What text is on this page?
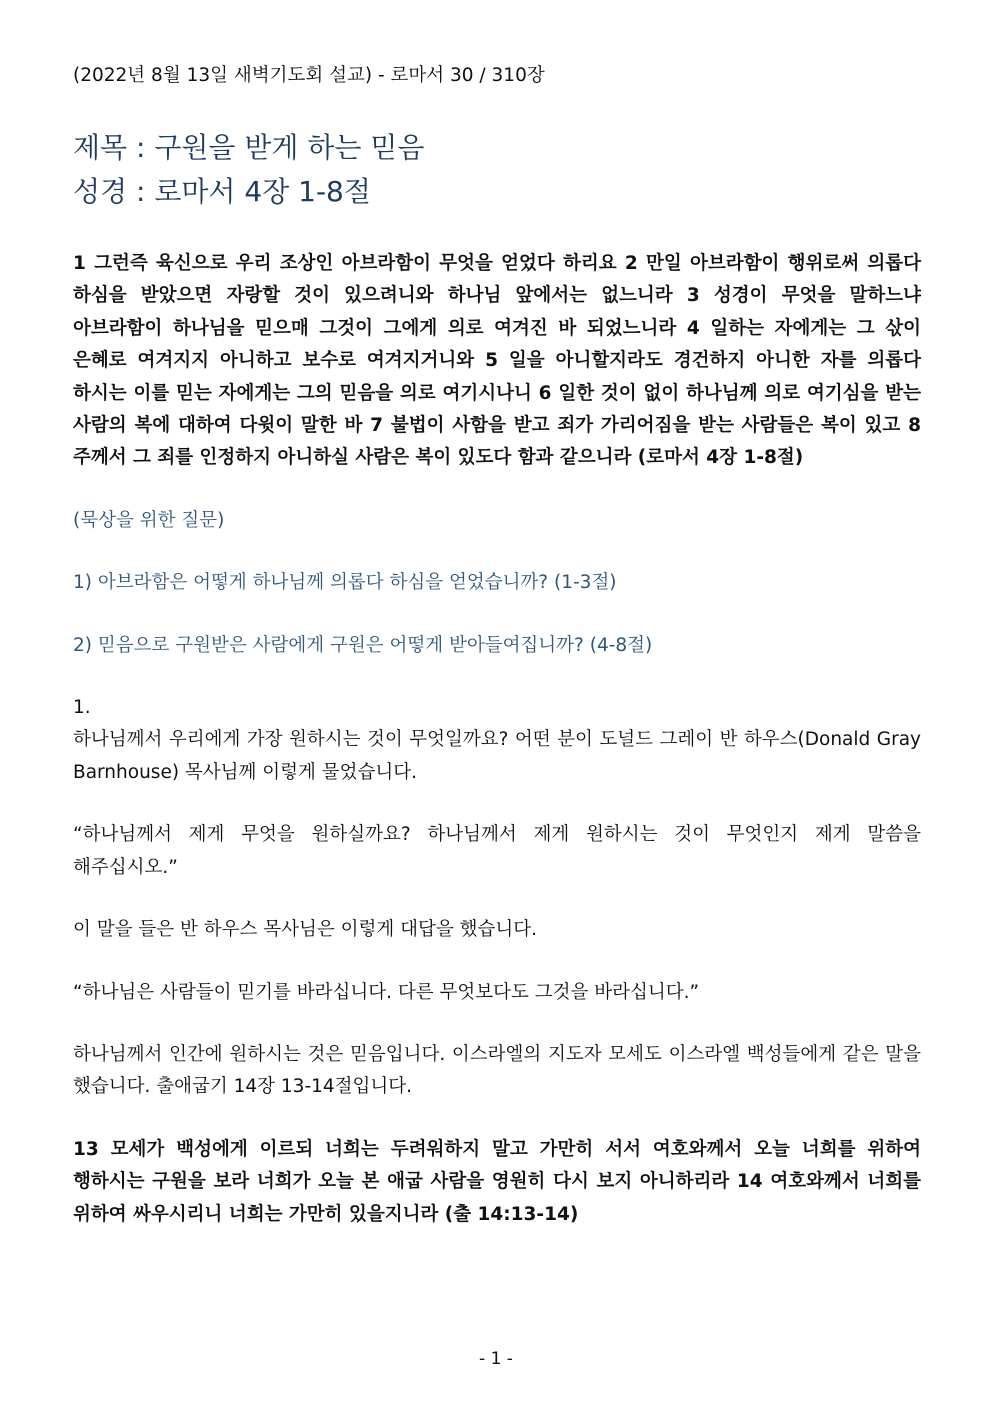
(2022년 8월 13일 새벽기도회 설교) - 로마서 30 / 310장

제목 : 구원을 받게 하는 믿음

성경 : 로마서 4장 1-8절

1 그런즉 육신으로 우리 조상인 아브라함이 무엇을 얻었다 하리요 2 만일 아브라함이 행위로써 의롭다 하심을 받았으면 자랑할 것이 있으려니와 하나님 앞에서는 없느니라 3 성경이 무엇을 말하느냐 아브라함이 하나님을 믿으매 그것이 그에게 의로 여겨진 바 되었느니라 4 일하는 자에게는 그 삯이 은혜로 여겨지지 아니하고 보수로 여겨지거니와 5 일을 아니할지라도 경건하지 아니한 자를 의롭다 하시는 이를 믿는 자에게는 그의 믿음을 의로 여기시나니 6 일한 것이 없이 하나님께 의로 여기심을 받는 사람의 복에 대하여 다윗이 말한 바 7 불법이 사함을 받고 죄가 가리어짐을 받는 사람들은 복이 있고 8 주께서 그 죄를 인정하지 아니하실 사람은 복이 있도다 함과 같으니라 (로마서 4장 1-8절)

(묵상을 위한 질문)

1) 아브라함은 어떻게 하나님께 의롭다 하심을 얻었습니까? (1-3절)

2) 믿음으로 구원받은 사람에게 구원은 어떻게 받아들여집니까? (4-8절)

1.

하나님께서 우리에게 가장 원하시는 것이 무엇일까요? 어떤 분이 도널드 그레이 반 하우스(Donald Gray Barnhouse) 목사님께 이렇게 물었습니다.

“하나님께서 제게 무엇을 원하실까요? 하나님께서 제게 원하시는 것이 무엇인지 제게 말씀을 해주십시오.”

이 말을 들은 반 하우스 목사님은 이렇게 대답을 했습니다.

“하나님은 사람들이 믿기를 바라십니다. 다른 무엇보다도 그것을 바라십니다.”

하나님께서 인간에 원하시는 것은 믿음입니다. 이스라엘의 지도자 모세도 이스라엘 백성들에게 같은 말을 했습니다. 출애굽기 14장 13-14절입니다.

13 모세가 백성에게 이르되 너희는 두려워하지 말고 가만히 서서 여호와께서 오늘 너희를 위하여 행하시는 구원을 보라 너희가 오늘 본 애굽 사람을 영원히 다시 보지 아니하리라 14 여호와께서 너희를 위하여 싸우시리니 너희는 가만히 있을지니라 (출 14:13-14)

- 1 -
